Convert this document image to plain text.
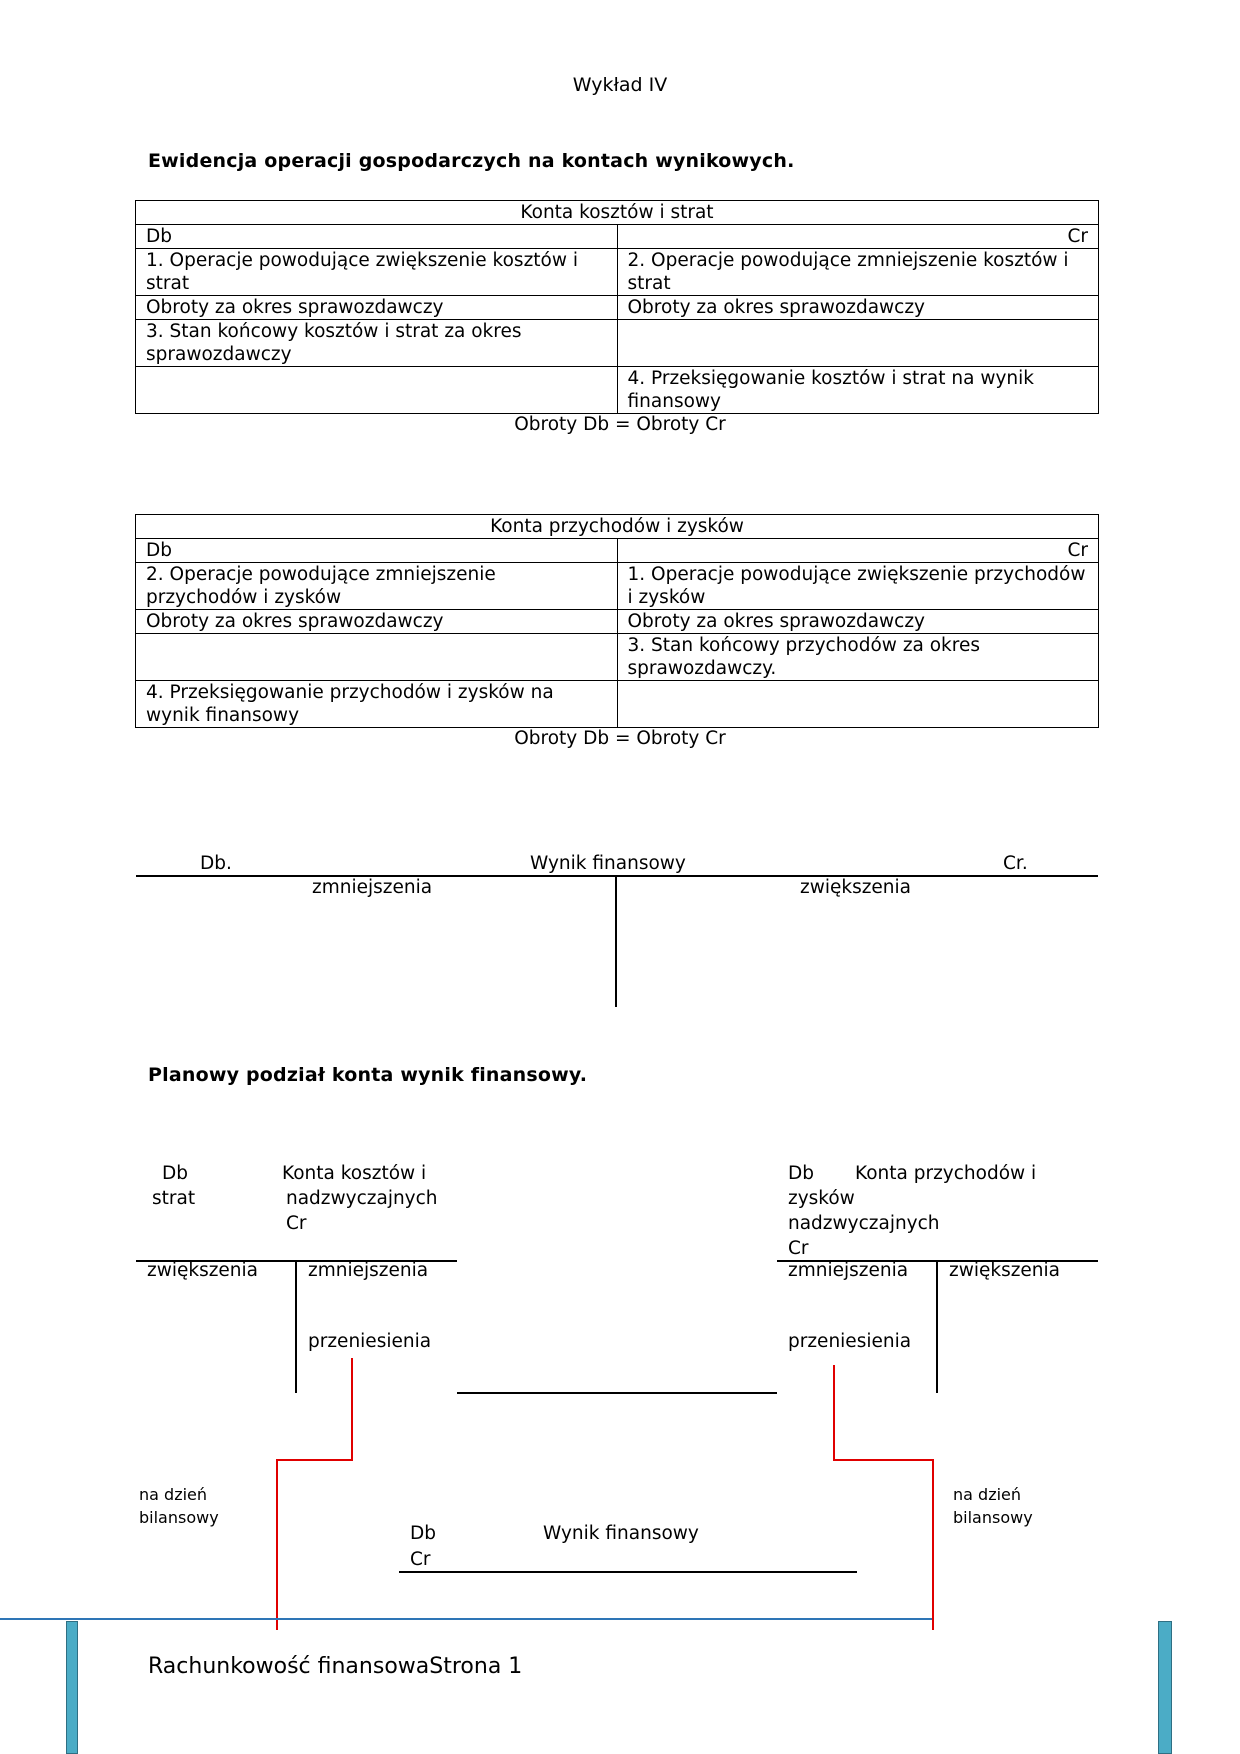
Wykład IV
Ewidencja operacji gospodarczych na kontach wynikowych.
Konta kosztów i strat	
Db	Cr
1. Operacje powodujące zwiększenie kosztów i strat	2. Operacje powodujące zmniejszenie kosztów i strat
Obroty za okres sprawozdawczy	Obroty za okres sprawozdawczy
3. Stan końcowy kosztów i strat za okres sprawozdawczy	
	4. Przeksięgowanie kosztów i strat na wynik finansowy
Obroty Db = Obroty Cr
Konta przychodów i zysków	
Db	Cr
2. Operacje powodujące zmniejszenie przychodów i zysków	1. Operacje powodujące zwiększenie przychodów i zysków
Obroty za okres sprawozdawczy	Obroty za okres sprawozdawczy
	3. Stan końcowy przychodów za okres sprawozdawczy.
4. Przeksięgowanie przychodów i zysków na wynik finansowy	
Obroty Db = Obroty Cr
Db.	Wynik finansowy	Cr.
zmniejszenia	zwiększenia
Planowy podział konta wynik finansowy.
Db	Konta kosztów i
strat	nadzwyczajnych
Cr
zwiększenia	zmniejszenia
przeniesienia
Db Konta przychodów i
zysków
nadzwyczajnych
Cr
zmniejszenia zwiększenia
przeniesienia
na dzień bilansowy
na dzień bilansowy
Db	Wynik finansowy
Cr
Rachunkowość finansowaStrona 1
